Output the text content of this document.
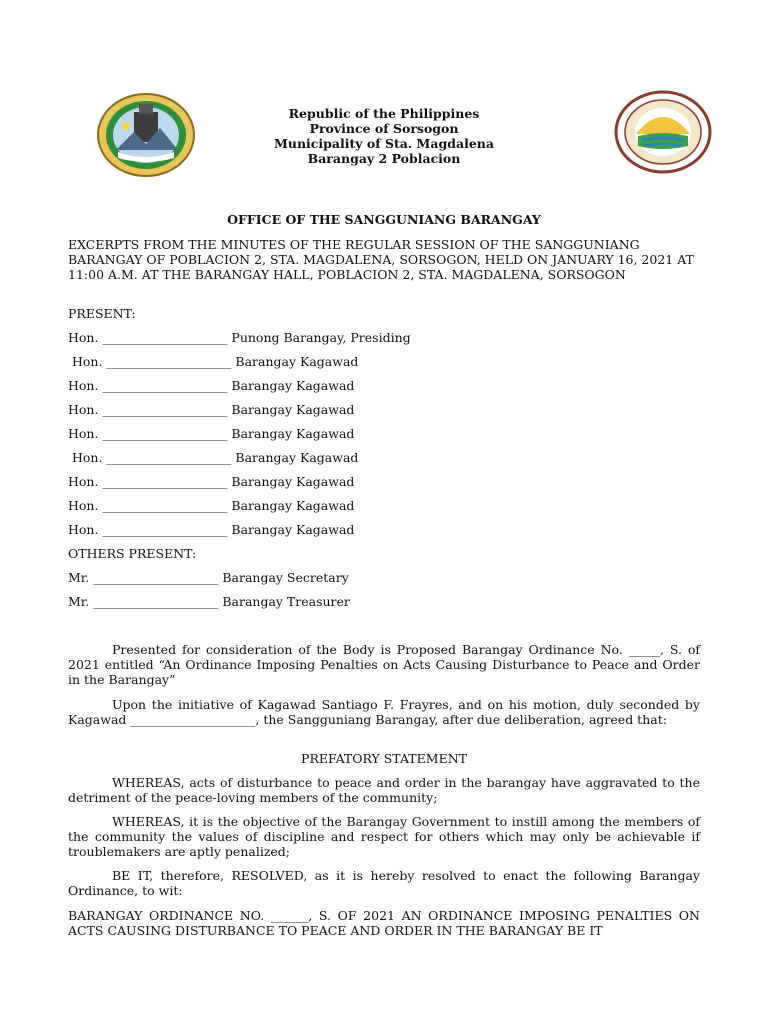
Republic of the Philippines
Province of Sorsogon
Municipality of Sta. Magdalena
Barangay 2 Poblacion
OFFICE OF THE SANGGUNIANG BARANGAY
EXCERPTS FROM THE MINUTES OF THE REGULAR SESSION OF THE SANGGUNIANG BARANGAY OF POBLACION 2, STA. MAGDALENA, SORSOGON, HELD ON JANUARY 16, 2021 AT 11:00 A.M. AT THE BARANGAY HALL, POBLACION 2, STA. MAGDALENA, SORSOGON
PRESENT:
Hon. ____________________ Punong Barangay, Presiding
Hon. ____________________ Barangay Kagawad
Hon. ____________________ Barangay Kagawad
Hon. ____________________ Barangay Kagawad
Hon. ____________________ Barangay Kagawad
Hon. ____________________ Barangay Kagawad
Hon. ____________________ Barangay Kagawad
Hon. ____________________ Barangay Kagawad
Hon. ____________________ Barangay Kagawad
OTHERS PRESENT:
Mr. ____________________ Barangay Secretary
Mr. ____________________ Barangay Treasurer
Presented for consideration of the Body is Proposed Barangay Ordinance No. _____, S. of 2021 entitled “An Ordinance Imposing Penalties on Acts Causing Disturbance to Peace and Order in the Barangay”
Upon the initiative of Kagawad Santiago F. Frayres, and on his motion, duly seconded by Kagawad ____________________, the Sangguniang Barangay, after due deliberation, agreed that:
PREFATORY STATEMENT
WHEREAS, acts of disturbance to peace and order in the barangay have aggravated to the detriment of the peace-loving members of the community;
WHEREAS, it is the objective of the Barangay Government to instill among the members of the community the values of discipline and respect for others which may only be achievable if troublemakers are aptly penalized;
BE IT, therefore, RESOLVED, as it is hereby resolved to enact the following Barangay Ordinance, to wit:
BARANGAY ORDINANCE NO. ______, S. OF 2021 AN ORDINANCE IMPOSING PENALTIES ON ACTS CAUSING DISTURBANCE TO PEACE AND ORDER IN THE BARANGAY BE IT
